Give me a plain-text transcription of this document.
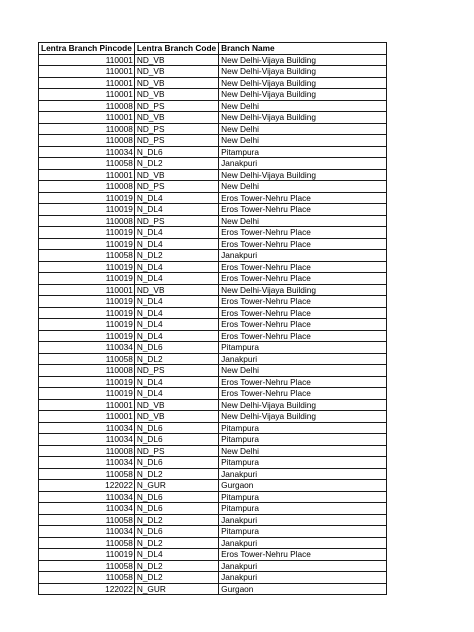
Lentra Branch Pincode	Lentra Branch Code	Branch Name
110001	ND_VB	New Delhi-Vijaya Building
110001	ND_VB	New Delhi-Vijaya Building
110001	ND_VB	New Delhi-Vijaya Building
110001	ND_VB	New Delhi-Vijaya Building
110008	ND_PS	New Delhi
110001	ND_VB	New Delhi-Vijaya Building
110008	ND_PS	New Delhi
110008	ND_PS	New Delhi
110034	N_DL6	Pitampura
110058	N_DL2	Janakpuri
110001	ND_VB	New Delhi-Vijaya Building
110008	ND_PS	New Delhi
110019	N_DL4	Eros Tower-Nehru Place
110019	N_DL4	Eros Tower-Nehru Place
110008	ND_PS	New Delhi
110019	N_DL4	Eros Tower-Nehru Place
110019	N_DL4	Eros Tower-Nehru Place
110058	N_DL2	Janakpuri
110019	N_DL4	Eros Tower-Nehru Place
110019	N_DL4	Eros Tower-Nehru Place
110001	ND_VB	New Delhi-Vijaya Building
110019	N_DL4	Eros Tower-Nehru Place
110019	N_DL4	Eros Tower-Nehru Place
110019	N_DL4	Eros Tower-Nehru Place
110019	N_DL4	Eros Tower-Nehru Place
110034	N_DL6	Pitampura
110058	N_DL2	Janakpuri
110008	ND_PS	New Delhi
110019	N_DL4	Eros Tower-Nehru Place
110019	N_DL4	Eros Tower-Nehru Place
110001	ND_VB	New Delhi-Vijaya Building
110001	ND_VB	New Delhi-Vijaya Building
110034	N_DL6	Pitampura
110034	N_DL6	Pitampura
110008	ND_PS	New Delhi
110034	N_DL6	Pitampura
110058	N_DL2	Janakpuri
122022	N_GUR	Gurgaon
110034	N_DL6	Pitampura
110034	N_DL6	Pitampura
110058	N_DL2	Janakpuri
110034	N_DL6	Pitampura
110058	N_DL2	Janakpuri
110019	N_DL4	Eros Tower-Nehru Place
110058	N_DL2	Janakpuri
110058	N_DL2	Janakpuri
122022	N_GUR	Gurgaon
